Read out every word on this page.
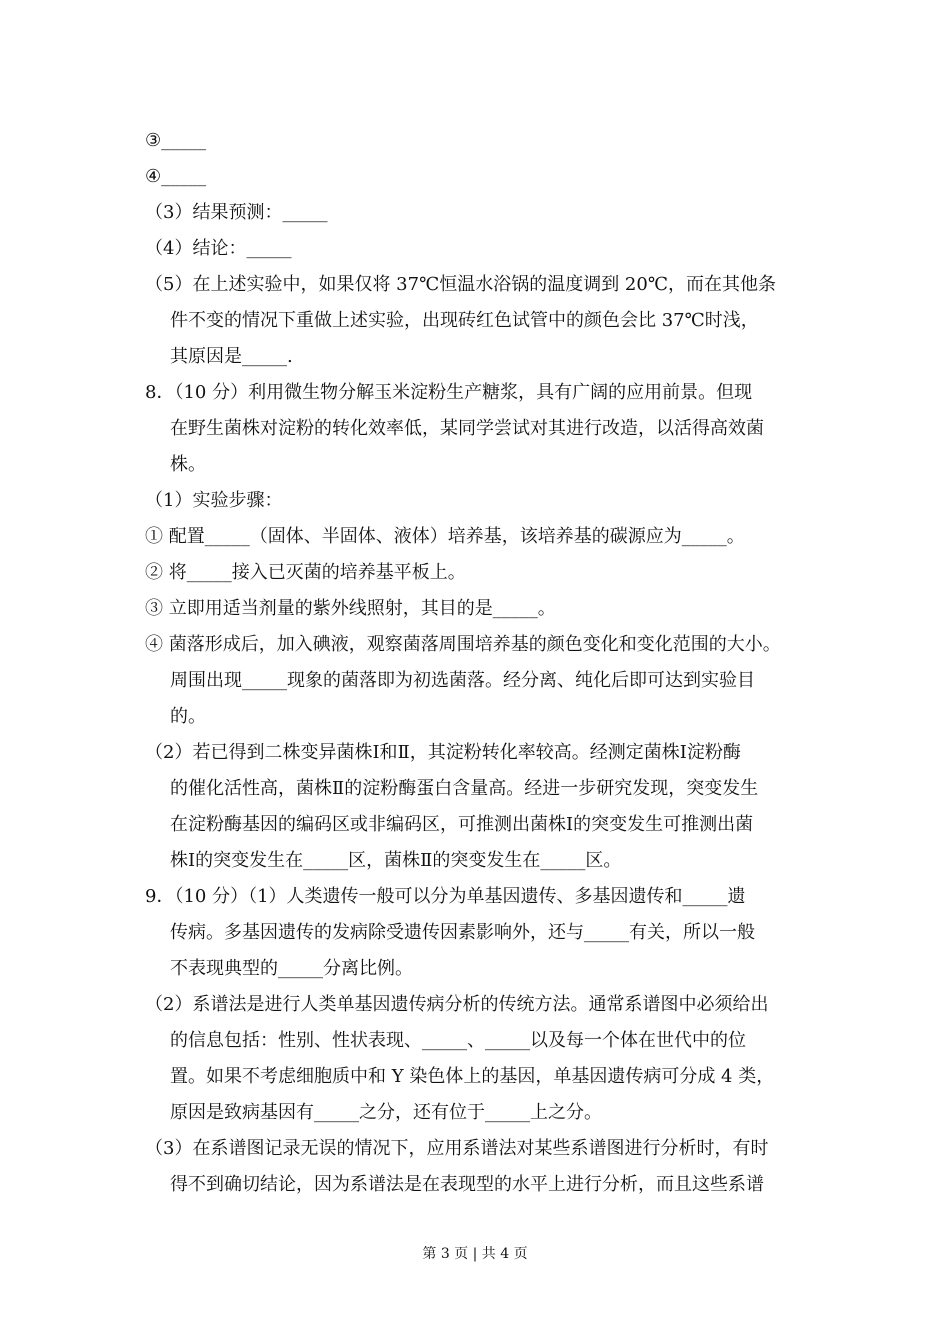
③_____
④_____
（3）结果预测：_____
（4）结论：_____
（5）在上述实验中，如果仅将 37℃恒温水浴锅的温度调到 20℃，而在其他条
件不变的情况下重做上述实验，出现砖红色试管中的颜色会比 37℃时浅，
其原因是_____.
8．（10 分）利用微生物分解玉米淀粉生产糖浆，具有广阔的应用前景。但现
在野生菌株对淀粉的转化效率低，某同学尝试对其进行改造，以活得高效菌
株。
（1）实验步骤：
① 配置_____（固体、半固体、液体）培养基，该培养基的碳源应为_____。
② 将_____接入已灭菌的培养基平板上。
③ 立即用适当剂量的紫外线照射，其目的是_____。
④ 菌落形成后，加入碘液，观察菌落周围培养基的颜色变化和变化范围的大小。
周围出现_____现象的菌落即为初选菌落。经分离、纯化后即可达到实验目
的。
（2）若已得到二株变异菌株Ⅰ和Ⅱ，其淀粉转化率较高。经测定菌株Ⅰ淀粉酶
的催化活性高，菌株Ⅱ的淀粉酶蛋白含量高。经进一步研究发现，突变发生
在淀粉酶基因的编码区或非编码区，可推测出菌株Ⅰ的突变发生可推测出菌
株Ⅰ的突变发生在_____区，菌株Ⅱ的突变发生在_____区。
9．（10 分）（1）人类遗传一般可以分为单基因遗传、多基因遗传和_____遗
传病。多基因遗传的发病除受遗传因素影响外，还与_____有关，所以一般
不表现典型的_____分离比例。
（2）系谱法是进行人类单基因遗传病分析的传统方法。通常系谱图中必须给出
的信息包括：性别、性状表现、_____、_____以及每一个体在世代中的位
置。如果不考虑细胞质中和 Y 染色体上的基因，单基因遗传病可分成 4 类，
原因是致病基因有_____之分，还有位于_____上之分。
（3）在系谱图记录无误的情况下，应用系谱法对某些系谱图进行分析时，有时
得不到确切结论，因为系谱法是在表现型的水平上进行分析，而且这些系谱
第 3 页 | 共 4 页
